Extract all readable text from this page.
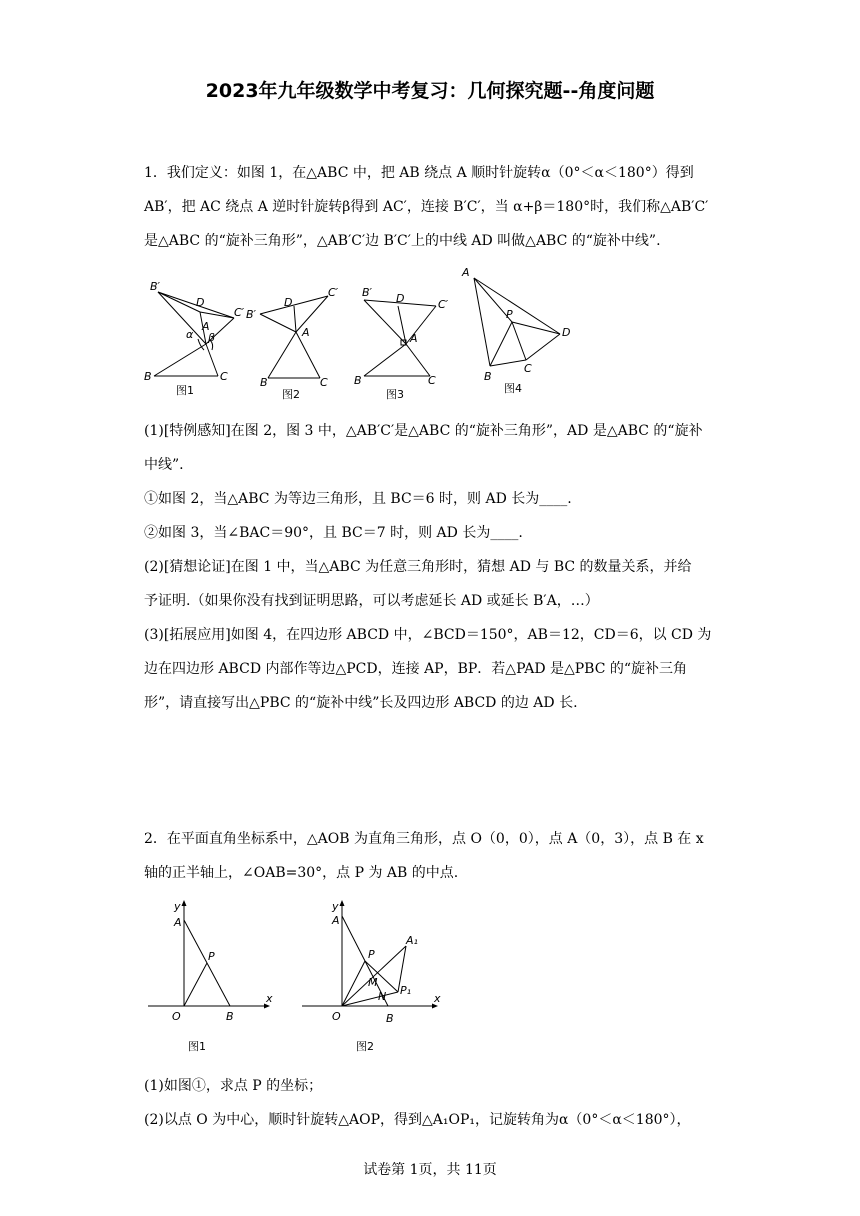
2023年九年级数学中考复习：几何探究题--角度问题
1．我们定义：如图 1，在△ABC 中，把 AB 绕点 A 顺时针旋转α（0°＜α＜180°）得到
AB′，把 AC 绕点 A 逆时针旋转β得到 AC′，连接 B′C′，当 α+β＝180°时，我们称△AB′C′
是△ABC 的“旋补三角形”，△AB′C′边 B′C′上的中线 AD 叫做△ABC 的“旋补中线”.
B′
D
C′
A
α β
B	C
图1
B′
D
C′
A
B	C
图2
B′ D	C′
A
B	C
图3
A
P
D
B
C
图4
(1)[特例感知]在图 2，图 3 中，△AB′C′是△ABC 的“旋补三角形”，AD 是△ABC 的“旋补
中线”.
①如图 2，当△ABC 为等边三角形，且 BC＝6 时，则 AD 长为____.
②如图 3，当∠BAC＝90°，且 BC＝7 时，则 AD 长为____.
(2)[猜想论证]在图 1 中，当△ABC 为任意三角形时，猜想 AD 与 BC 的数量关系，并给
予证明.（如果你没有找到证明思路，可以考虑延长 AD 或延长 B′A，…）
(3)[拓展应用]如图 4，在四边形 ABCD 中，∠BCD＝150°，AB＝12，CD＝6，以 CD 为
边在四边形 ABCD 内部作等边△PCD，连接 AP，BP．若△PAD 是△PBC 的“旋补三角
形”，请直接写出△PBC 的“旋补中线”长及四边形 ABCD 的边 AD 长.
2．在平面直角坐标系中，△AOB 为直角三角形，点 O（0，0），点 A（0，3），点 B 在 x
轴的正半轴上，∠OAB=30°，点 P 为 AB 的中点.
y
A
P
O	B
x
图1
y
A
A₁
P
M
P₁
N
O	B
x
图2
(1)如图①，求点 P 的坐标；
(2)以点 O 为中心，顺时针旋转△AOP，得到△A₁OP₁，记旋转角为α（0°＜α＜180°），
试卷第 1页，共 11页
